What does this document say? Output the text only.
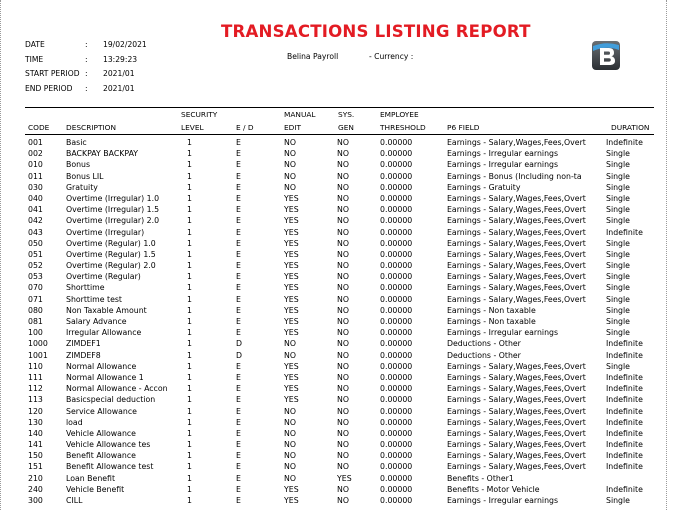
TRANSACTIONS LISTING REPORT
DATE	:	19/02/2021
TIME	:	13:29:23
START PERIOD :	2021/01
END PERIOD	:	2021/01
Belina Payroll	- Currency :
SECURITY	MANUAL	SYS.	EMPLOYEE
CODE DESCRIPTION	LEVEL	E / D	EDIT	GEN	THRESHOLD	P6 FIELD	DURATION
001	Basic	1	E	NO	NO	0.00000	Earnings - Salary,Wages,Fees,Overt	Indefinite
002	BACKPAY BACKPAY	1	E	NO	NO	0.00000	Earnings - Irregular earnings	Single
010	Bonus	1	E	NO	NO	0.00000	Earnings - Irregular earnings	Single
011	Bonus LIL	1	E	NO	NO	0.00000	Earnings - Bonus (Including non-ta	Single
030	Gratuity	1	E	NO	NO	0.00000	Earnings - Gratuity	Single
040	Overtime (Irregular) 1.0	1	E	YES	NO	0.00000	Earnings - Salary,Wages,Fees,Overt	Single
041	Overtime (Irregular) 1.5	1	E	YES	NO	0.00000	Earnings - Salary,Wages,Fees,Overt	Single
042	Overtime (Irregular) 2.0	1	E	YES	NO	0.00000	Earnings - Salary,Wages,Fees,Overt	Single
043	Overtime (Irregular)	1	E	YES	NO	0.00000	Earnings - Salary,Wages,Fees,Overt	Indefinite
050	Overtime (Regular) 1.0	1	E	YES	NO	0.00000	Earnings - Salary,Wages,Fees,Overt	Single
051	Overtime (Regular) 1.5	1	E	YES	NO	0.00000	Earnings - Salary,Wages,Fees,Overt	Single
052	Overtime (Regular) 2.0	1	E	YES	NO	0.00000	Earnings - Salary,Wages,Fees,Overt	Single
053	Overtime (Regular)	1	E	YES	NO	0.00000	Earnings - Salary,Wages,Fees,Overt	Single
070	Shorttime	1	E	YES	NO	0.00000	Earnings - Salary,Wages,Fees,Overt	Single
071	Shorttime test	1	E	YES	NO	0.00000	Earnings - Salary,Wages,Fees,Overt	Single
080	Non Taxable Amount	1	E	YES	NO	0.00000	Earnings - Non taxable	Single
081	Salary Advance	1	E	YES	NO	0.00000	Earnings - Non taxable	Single
100	Irregular Allowance	1	E	YES	NO	0.00000	Earnings - Irregular earnings	Single
1000	ZIMDEF1	1	D	NO	NO	0.00000	Deductions - Other	Indefinite
1001	ZIMDEF8	1	D	NO	NO	0.00000	Deductions - Other	Indefinite
110	Normal Allowance	1	E	YES	NO	0.00000	Earnings - Salary,Wages,Fees,Overt	Single
111	Normal Allowance 1	1	E	YES	NO	0.00000	Earnings - Salary,Wages,Fees,Overt	Indefinite
112	Normal Allowance - Accon	1	E	YES	NO	0.00000	Earnings - Salary,Wages,Fees,Overt	Indefinite
113	Basicspecial deduction	1	E	YES	NO	0.00000	Earnings - Salary,Wages,Fees,Overt	Indefinite
120	Service Allowance	1	E	NO	NO	0.00000	Earnings - Salary,Wages,Fees,Overt	Indefinite
130	load	1	E	NO	NO	0.00000	Earnings - Salary,Wages,Fees,Overt	Indefinite
140	Vehicle Allowance	1	E	NO	NO	0.00000	Earnings - Salary,Wages,Fees,Overt	Indefinite
141	Vehicle Allowance tes	1	E	NO	NO	0.00000	Earnings - Salary,Wages,Fees,Overt	Indefinite
150	Benefit Allowance	1	E	NO	NO	0.00000	Earnings - Salary,Wages,Fees,Overt	Indefinite
151	Benefit Allowance test	1	E	NO	NO	0.00000	Earnings - Salary,Wages,Fees,Overt	Indefinite
210	Loan Benefit	1	E	NO	YES	0.00000	Benefits - Other1
240	Vehicle Benefit	1	E	YES	NO	0.00000	Benefits - Motor Vehicle	Indefinite
300	CILL	1	E	YES	NO	0.00000	Earnings - Irregular earnings	Single
